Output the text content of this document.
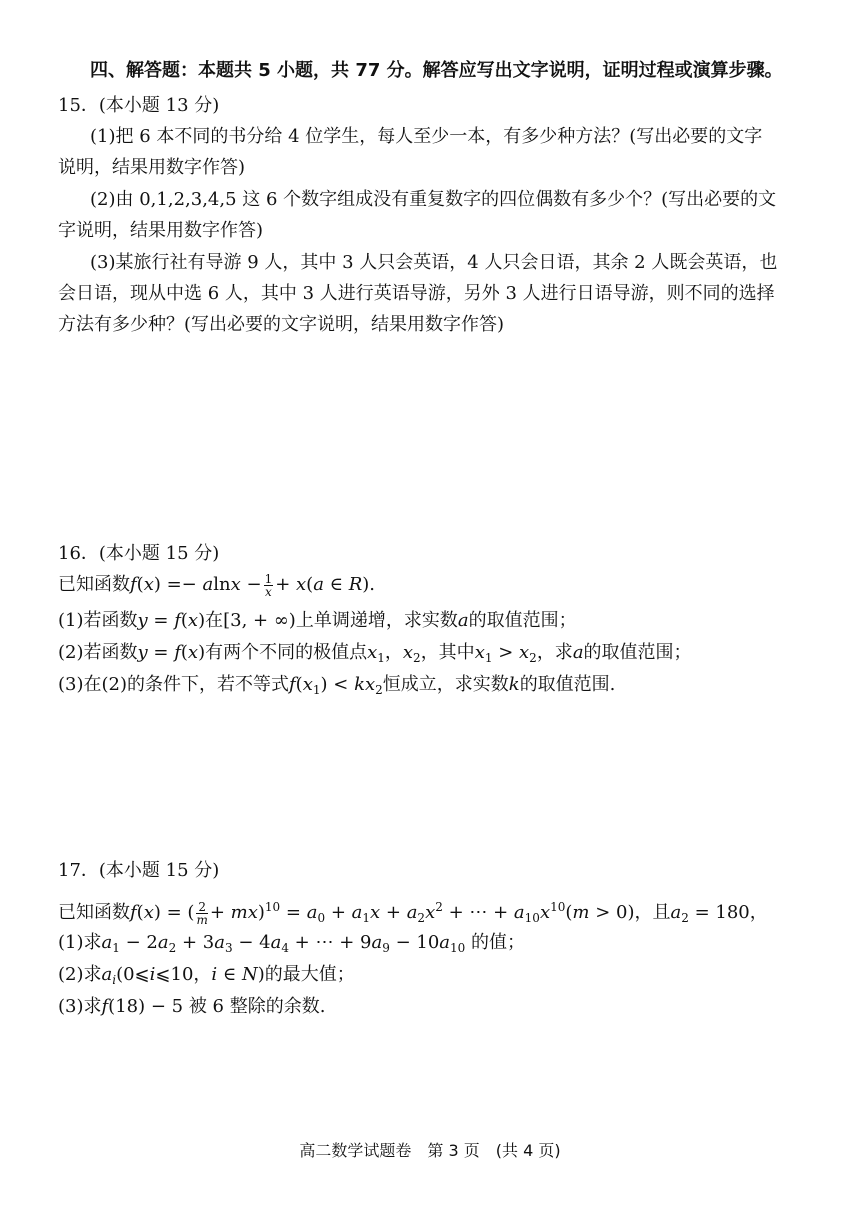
四、解答题：本题共 5 小题，共 77 分。解答应写出文字说明，证明过程或演算步骤。
15．(本小题 13 分)
(1)把 6 本不同的书分给 4 位学生，每人至少一本，有多少种方法？(写出必要的文字
说明，结果用数字作答)
(2)由 0,1,2,3,4,5 这 6 个数字组成没有重复数字的四位偶数有多少个？(写出必要的文
字说明，结果用数字作答)
(3)某旅行社有导游 9 人，其中 3 人只会英语，4 人只会日语，其余 2 人既会英语，也
会日语，现从中选 6 人，其中 3 人进行英语导游，另外 3 人进行日语导游，则不同的选择
方法有多少种？(写出必要的文字说明，结果用数字作答)
16．(本小题 15 分)
已知函数$f(x) =- alnx - \frac{1}{x} + x(a$ ∈ R).
(1)若函数y = f(x)在[3, + ∞)上单调递增，求实数a的取值范围；
(2)若函数y = f(x)有两个不同的极值点$x_1$，$x_2$，其中$x_1 > x_2$，求a的取值范围；
(3)在(2)的条件下，若不等式$f(x_1) < kx_2$恒成立，求实数k的取值范围.
17．(本小题 15 分)
已知函数f(x) = ( $\frac{2}{m} + mx)^{10} = a_0 + a_1x + a_2x^2$ + ⋯ + $a_{10}x^{10}(m > 0)$，且$a_2 = 180$，
(1)求$a_1 - 2a_2 + 3a_3 - 4a_4$ + ⋯ + $9a_9 - 10a_{10}$ 的值；
(2)求$a_i(0⩽i⩽10$，i ∈ N)的最大值；
(3)求f(18) − 5 被 6 整除的余数.
高二数学试题卷　第 3 页　(共 4 页)
